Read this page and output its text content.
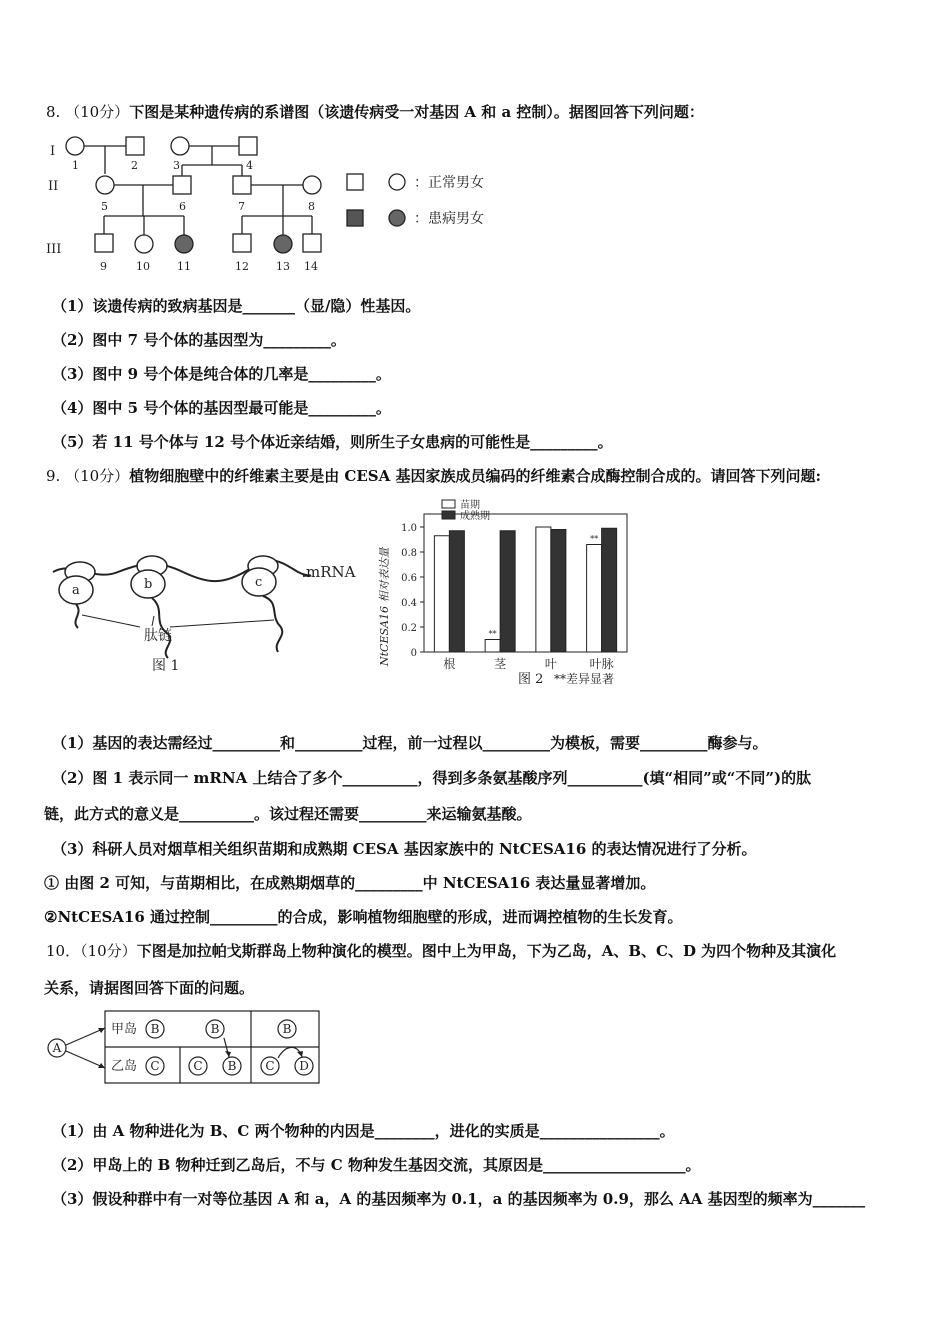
8. （10分）下图是某种遗传病的系谱图（该遗传病受一对基因 A 和 a 控制）。据图回答下列问题：
I
II
III
1	2	3	4
5	6	7	8
9	10 11	12 13 14
：正常男女
：患病男女
（1）该遗传病的致病基因是_______（显/隐）性基因。
（2）图中 7 号个体的基因型为_________。
（3）图中 9 号个体是纯合体的几率是_________。
（4）图中 5 号个体的基因型最可能是_________。
（5）若 11 号个体与 12 号个体近亲结婚，则所生子女患病的可能性是_________。
9. （10分）植物细胞壁中的纤维素主要是由 CESA 基因家族成员编码的纤维素合成酶控制合成的。请回答下列问题:
a	b	c
mRNA
肽链
图 1	NtCESA16 相对表达量 0
0.2
0.4
0.6
0.8
1.0
根
**
茎	叶
**
叶脉
苗期
成熟期
图 2 **差异显著
（1）基因的表达需经过_________和_________过程，前一过程以_________为模板，需要_________酶参与。
（2）图 1 表示同一 mRNA 上结合了多个__________，得到多条氨基酸序列__________(填“相同”或“不同”)的肽
链，此方式的意义是__________。该过程还需要_________来运输氨基酸。
（3）科研人员对烟草相关组织苗期和成熟期 CESA 基因家族中的 NtCESA16 的表达情况进行了分析。
① 由图 2 可知，与苗期相比，在成熟期烟草的_________中 NtCESA16 表达量显著增加。
②NtCESA16 通过控制_________的合成，影响植物细胞壁的形成，进而调控植物的生长发育。
10．（10分）下图是加拉帕戈斯群岛上物种演化的模型。图中上为甲岛，下为乙岛，A、B、C、D 为四个物种及其演化
关系，请据图回答下面的问题。
A
B	B	B
C	C B C D
甲岛
乙岛
（1）由 A 物种进化为 B、C 两个物种的内因是________，进化的实质是________________。
（2）甲岛上的 B 物种迁到乙岛后，不与 C 物种发生基因交流，其原因是___________________。
（3）假设种群中有一对等位基因 A 和 a，A 的基因频率为 0.1，a 的基因频率为 0.9，那么 AA 基因型的频率为_______
